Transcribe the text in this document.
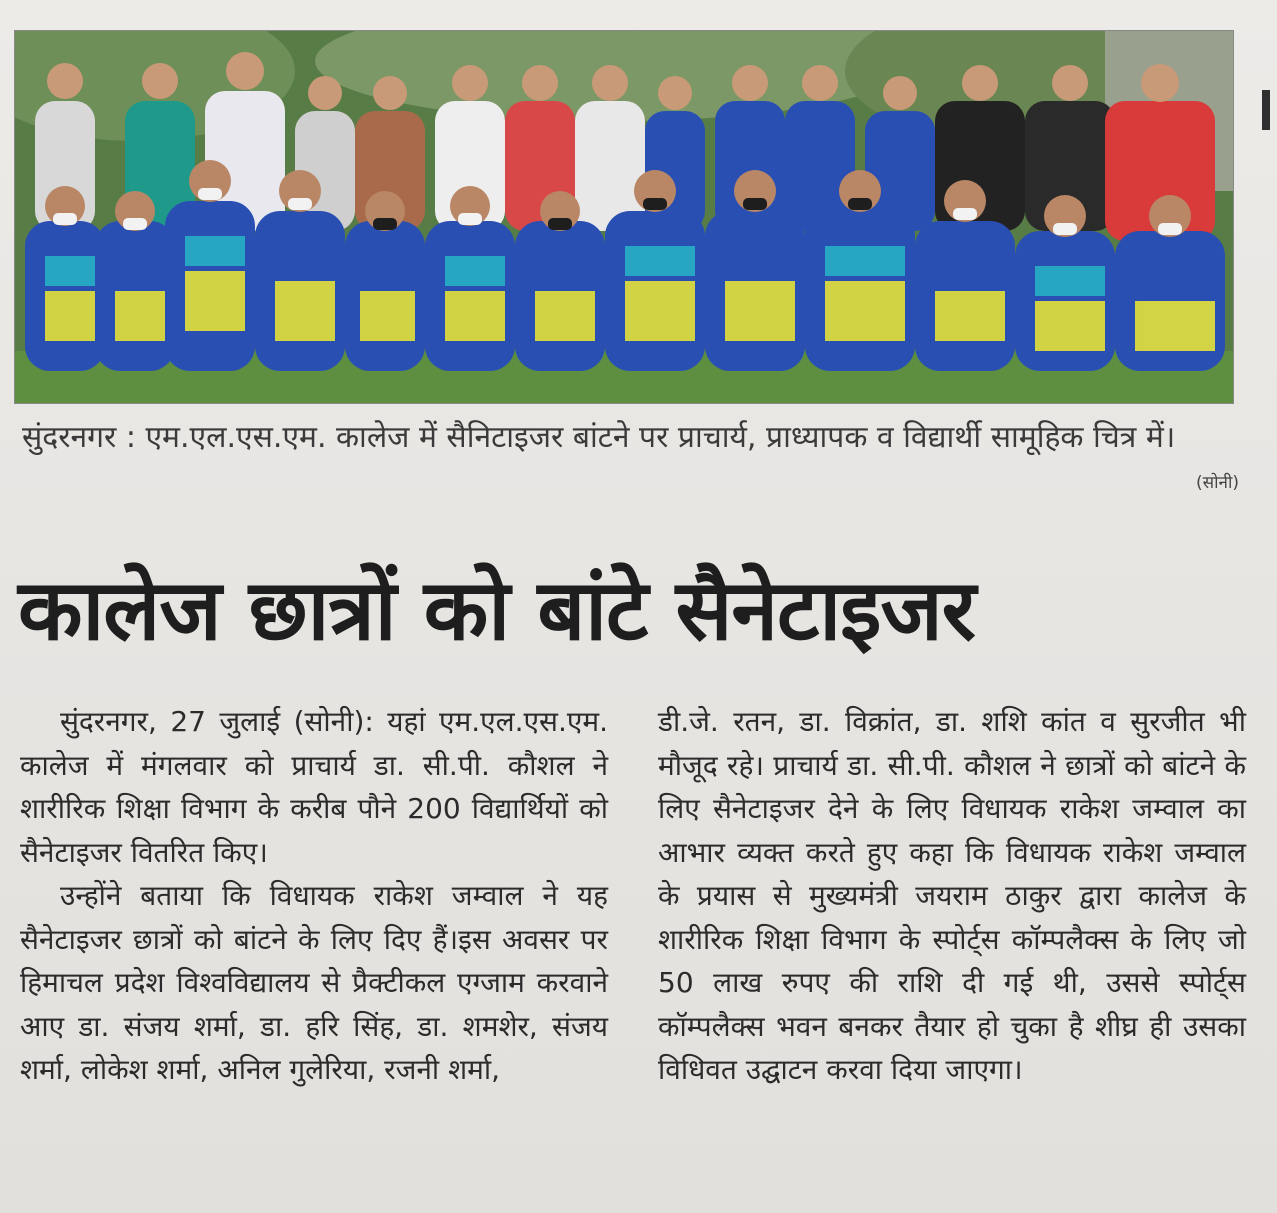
सुंदरनगर : एम.एल.एस.एम. कालेज में सैनिटाइजर बांटने पर प्राचार्य, प्राध्यापक व विद्यार्थी सामूहिक चित्र में।
(सोनी)
कालेज छात्रों को बांटे सैनेटाइजर

सुंदरनगर, 27 जुलाई (सोनी): यहां एम.एल.एस.एम. कालेज में मंगलवार को प्राचार्य डा. सी.पी. कौशल ने शारीरिक शिक्षा विभाग के करीब पौने 200 विद्यार्थियों को सैनेटाइजर वितरित किए।

उन्होंने बताया कि विधायक राकेश जम्वाल ने यह सैनेटाइजर छात्रों को बांटने के लिए दिए हैं।इस अवसर पर हिमाचल प्रदेश विश्वविद्यालय से प्रैक्टीकल एग्जाम करवाने आए डा. संजय शर्मा, डा. हरि सिंह, डा. शमशेर, संजय शर्मा, लोकेश शर्मा, अनिल गुलेरिया, रजनी शर्मा,

डी.जे. रतन, डा. विक्रांत, डा. शशि कांत व सुरजीत भी मौजूद रहे। प्राचार्य डा. सी.पी. कौशल ने छात्रों को बांटने के लिए सैनेटाइजर देने के लिए विधायक राकेश जम्वाल का आभार व्यक्त करते हुए कहा कि विधायक राकेश जम्वाल के प्रयास से मुख्यमंत्री जयराम ठाकुर द्वारा कालेज के शारीरिक शिक्षा विभाग के स्पोर्ट्स कॉम्पलैक्स के लिए जो 50 लाख रुपए की राशि दी गई थी, उससे स्पोर्ट्स कॉम्पलैक्स भवन बनकर तैयार हो चुका है शीघ्र ही उसका विधिवत उद्घाटन करवा दिया जाएगा।
